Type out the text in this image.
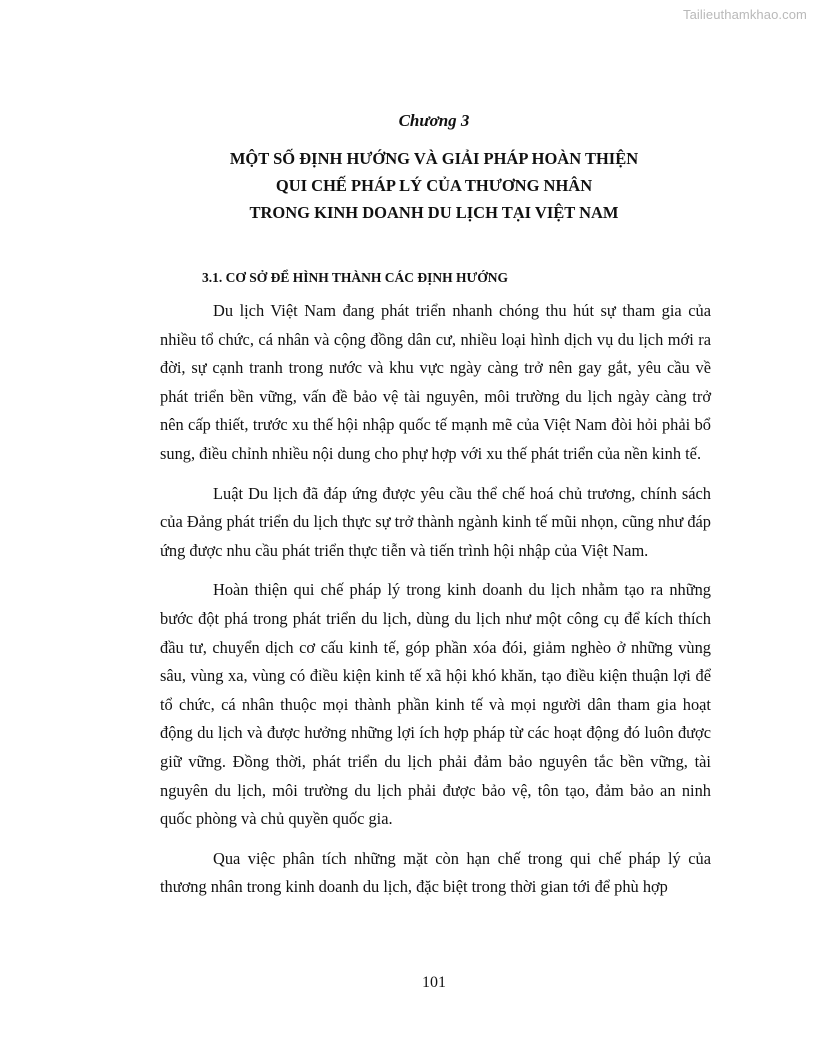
Tailieuthamkhao.com
Chương 3
MỘT SỐ ĐỊNH HƯỚNG VÀ GIẢI PHÁP HOÀN THIỆN
QUI CHẾ PHÁP LÝ CỦA THƯƠNG NHÂN
TRONG KINH DOANH DU LỊCH TẠI VIỆT NAM
3.1. CƠ SỞ ĐỂ HÌNH THÀNH CÁC ĐỊNH HƯỚNG

Du lịch Việt Nam đang phát triển nhanh chóng thu hút sự tham gia của nhiều tổ chức, cá nhân và cộng đồng dân cư, nhiều loại hình dịch vụ du lịch mới ra đời, sự cạnh tranh trong nước và khu vực ngày càng trở nên gay gắt, yêu cầu về phát triển bền vững, vấn đề bảo vệ tài nguyên, môi trường du lịch ngày càng trở nên cấp thiết, trước xu thế hội nhập quốc tế mạnh mẽ của Việt Nam đòi hỏi phải bổ sung, điều chỉnh nhiều nội dung cho phự hợp với xu thế phát triển của nền kinh tế.

Luật Du lịch đã đáp ứng được yêu cầu thể chế hoá chủ trương, chính sách của Đảng phát triển du lịch thực sự trở thành ngành kinh tế mũi nhọn, cũng như đáp ứng được nhu cầu phát triển thực tiễn và tiến trình hội nhập của Việt Nam.

Hoàn thiện qui chế pháp lý trong kinh doanh du lịch nhằm tạo ra những bước đột phá trong phát triển du lịch, dùng du lịch như một công cụ để kích thích đầu tư, chuyển dịch cơ cấu kinh tế, góp phần xóa đói, giảm nghèo ở những vùng sâu, vùng xa, vùng có điều kiện kinh tế xã hội khó khăn, tạo điều kiện thuận lợi để tổ chức, cá nhân thuộc mọi thành phần kinh tế và mọi người dân tham gia hoạt động du lịch và được hưởng những lợi ích hợp pháp từ các hoạt động đó luôn được giữ vững. Đồng thời, phát triển du lịch phải đảm bảo nguyên tắc bền vững, tài nguyên du lịch, môi trường du lịch phải được bảo vệ, tôn tạo, đảm bảo an ninh quốc phòng và chủ quyền quốc gia.

Qua việc phân tích những mặt còn hạn chế trong qui chế pháp lý của thương nhân trong kinh doanh du lịch, đặc biệt trong thời gian tới để phù hợp

101
